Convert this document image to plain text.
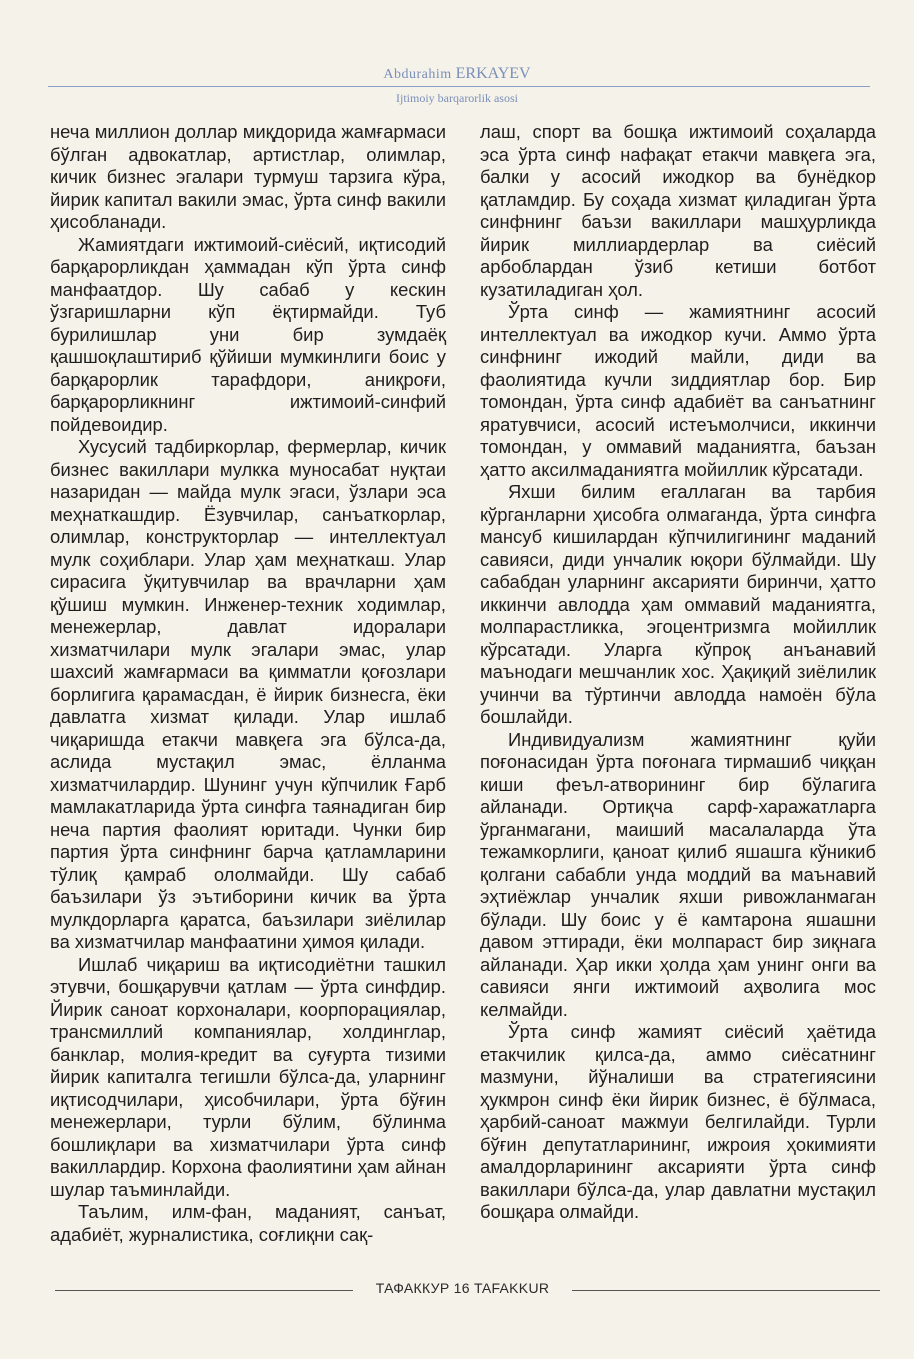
Abdurahim ERKAYEV
Ijtimoiy barqarorlik asosi

неча миллион доллар миқдорида жамғармаси бўлган адвокатлар, артистлар, олимлар, кичик бизнес эгалари турмуш тарзига кўра, йирик капитал вакили эмас, ўрта синф вакили ҳисобланади.

Жамиятдаги ижтимоий-сиёсий, иқтисодий барқарорликдан ҳаммадан кўп ўрта синф манфаатдор. Шу сабаб у кескин ўзгаришларни кўп ёқтирмайди. Туб бурилишлар уни бир зумдаёқ қашшоқлаштириб қўйиши мумкинлиги боис у барқарорлик тарафдори, аниқроғи, барқарорликнинг ижтимоий-синфий пойдевоидир.

Хусусий тадбиркорлар, фермерлар, кичик бизнес вакиллари мулкка муносабат нуқтаи назаридан — майда мулк эгаси, ўзлари эса меҳнаткашдир. Ёзувчилар, санъаткорлар, олимлар, конструкторлар — интеллектуал мулк соҳиблари. Улар ҳам меҳнаткаш. Улар сирасига ўқитувчилар ва врачларни ҳам қўшиш мумкин. Инженер-техник ходимлар, менежерлар, давлат идоралари хизматчилари мулк эгалари эмас, улар шахсий жамғармаси ва қимматли қоғозлари борлигига қарамасдан, ё йирик бизнесга, ёки давлатга хизмат қилади. Улар ишлаб чиқаришда етакчи мавқега эга бўлса-да, аслида мустақил эмас, ёлланма хизматчилардир. Шунинг учун кўпчилик Ғарб мамлакатларида ўрта синфга таянадиган бир неча партия фаолият юритади. Чунки бир партия ўрта синфнинг барча қатламларини тўлиқ қамраб ололмайди. Шу сабаб баъзилари ўз эътиборини кичик ва ўрта мулкдорларга қаратса, баъзилари зиёлилар ва хизматчилар манфаатини ҳимоя қилади.

Ишлаб чиқариш ва иқтисодиётни ташкил этувчи, бошқарувчи қатлам — ўрта синфдир. Йирик саноат корхоналари, коорпорациялар, трансмиллий компаниялар, холдинглар, банклар, молия-кредит ва суғурта тизими йирик капиталга тегишли бўлса-да, уларнинг иқтисодчилари, ҳисобчилари, ўрта бўғин менежерлари, турли бўлим, бўлинма бошлиқлари ва хизматчилари ўрта синф вакиллардир. Корхона фаолиятини ҳам айнан шулар таъминлайди.

Таълим, илм-фан, маданият, санъат, адабиёт, журналистика, соғлиқни сақ-

лаш, спорт ва бошқа ижтимоий соҳаларда эса ўрта синф нафақат етакчи мавқега эга, балки у асосий ижодкор ва бунёдкор қатламдир. Бу соҳада хизмат қиладиган ўрта синфнинг баъзи вакиллари машҳурликда йирик миллиардерлар ва сиёсий арбоблардан ўзиб кетиши ботбот кузатиладиган ҳол.

Ўрта синф — жамиятнинг асосий интеллектуал ва ижодкор кучи. Аммо ўрта синфнинг ижодий майли, диди ва фаолиятида кучли зиддиятлар бор. Бир томондан, ўрта синф адабиёт ва санъатнинг яратувчиси, асосий истеъмолчиси, иккинчи томондан, у оммавий маданиятга, баъзан ҳатто аксилмаданиятга мойиллик кўрсатади.

Яхши билим егаллаган ва тарбия кўрганларни ҳисобга олмаганда, ўрта синфга мансуб кишилардан кўпчилигининг маданий савияси, диди унчалик юқори бўлмайди. Шу сабабдан уларнинг аксарияти биринчи, ҳатто иккинчи авлодда ҳам оммавий маданиятга, молпарастликка, эгоцентризмга мойиллик кўрсатади. Уларга кўпроқ анъанавий маънодаги мешчанлик хос. Ҳақиқий зиёлилик учинчи ва тўртинчи авлодда намоён бўла бошлайди.

Индивидуализм жамиятнинг қуйи поғонасидан ўрта поғонага тирмашиб чиққан киши феъл-атворининг бир бўлагига айланади. Ортиқча сарф-харажатларга ўрганмагани, маиший масалаларда ўта тежамкорлиги, қаноат қилиб яшашга кўникиб қолгани сабабли унда моддий ва маънавий эҳтиёжлар унчалик яхши ривожланмаган бўлади. Шу боис у ё камтарона яшашни давом эттиради, ёки молпараст бир зиқнага айланади. Ҳар икки ҳолда ҳам унинг онги ва савияси янги ижтимоий аҳволига мос келмайди.

Ўрта синф жамият сиёсий ҳаётида етакчилик қилса-да, аммо сиёсатнинг мазмуни, йўналиши ва стратегиясини ҳукмрон синф ёки йирик бизнес, ё бўлмаса, ҳарбий-саноат мажмуи белгилайди. Турли бўғин депутатларининг, ижроия ҳокимияти амалдорларининг аксарияти ўрта синф вакиллари бўлса-да, улар давлатни мустақил бошқара олмайди.

ТАФАККУР 16 TAFAKKUR
